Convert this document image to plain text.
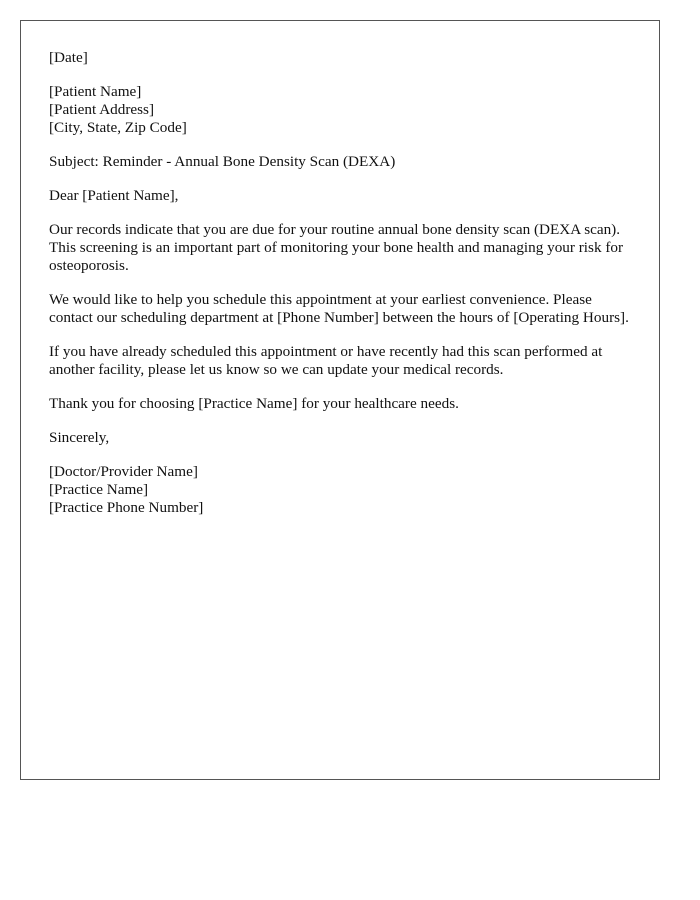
[Date]
[Patient Name]
[Patient Address]
[City, State, Zip Code]

Subject: Reminder - Annual Bone Density Scan (DEXA)

Dear [Patient Name],

Our records indicate that you are due for your routine annual bone density scan (DEXA scan). This screening is an important part of monitoring your bone health and managing your risk for osteoporosis.

We would like to help you schedule this appointment at your earliest convenience. Please contact our scheduling department at [Phone Number] between the hours of [Operating Hours].

If you have already scheduled this appointment or have recently had this scan performed at another facility, please let us know so we can update your medical records.

Thank you for choosing [Practice Name] for your healthcare needs.

Sincerely,

[Doctor/Provider Name]
[Practice Name]
[Practice Phone Number]
